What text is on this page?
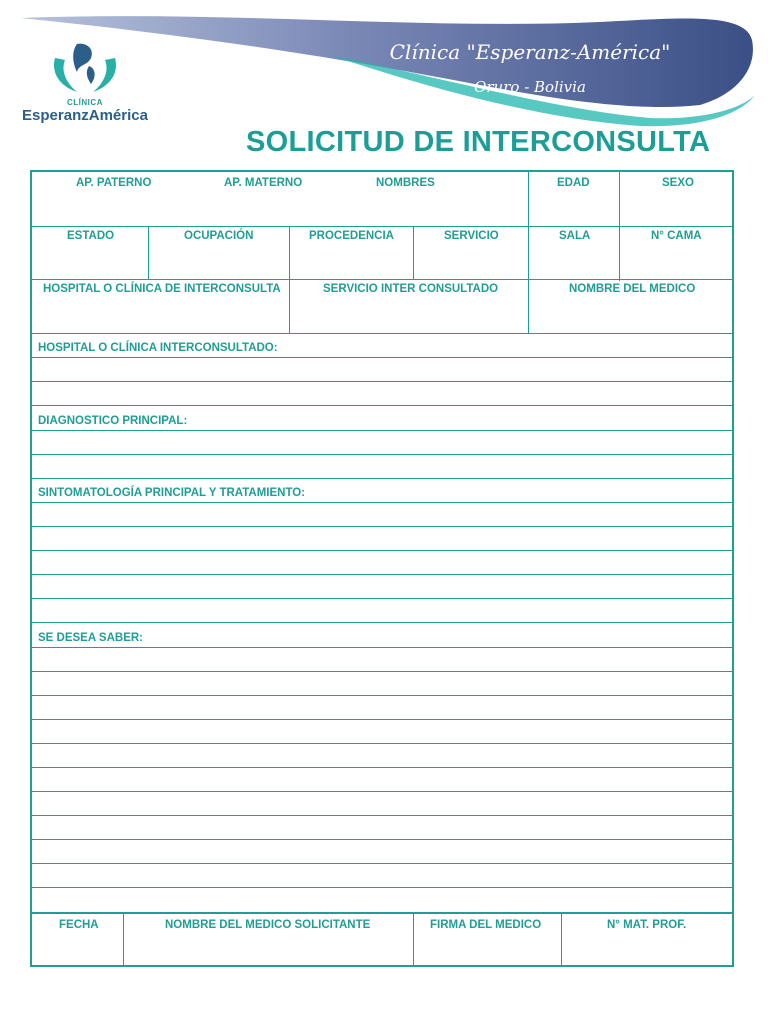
CLÍNICA
EsperanzAmérica
Clínica "Esperanz-América"
Oruro - Bolivia
SOLICITUD DE INTERCONSULTA
AP. PATERNO	AP. MATERNO	NOMBRES	EDAD	SEXO
ESTADO	OCUPACIÓN	PROCEDENCIA	SERVICIO	SALA	N° CAMA
HOSPITAL O CLÍNICA DE INTERCONSULTA	SERVICIO INTER CONSULTADO	NOMBRE DEL MEDICO
HOSPITAL O CLÍNICA INTERCONSULTADO:
DIAGNOSTICO PRINCIPAL:
SINTOMATOLOGÍA PRINCIPAL Y TRATAMIENTO:
SE DESEA SABER:
FECHA	NOMBRE DEL MEDICO SOLICITANTE	FIRMA DEL MEDICO	N° MAT. PROF.
